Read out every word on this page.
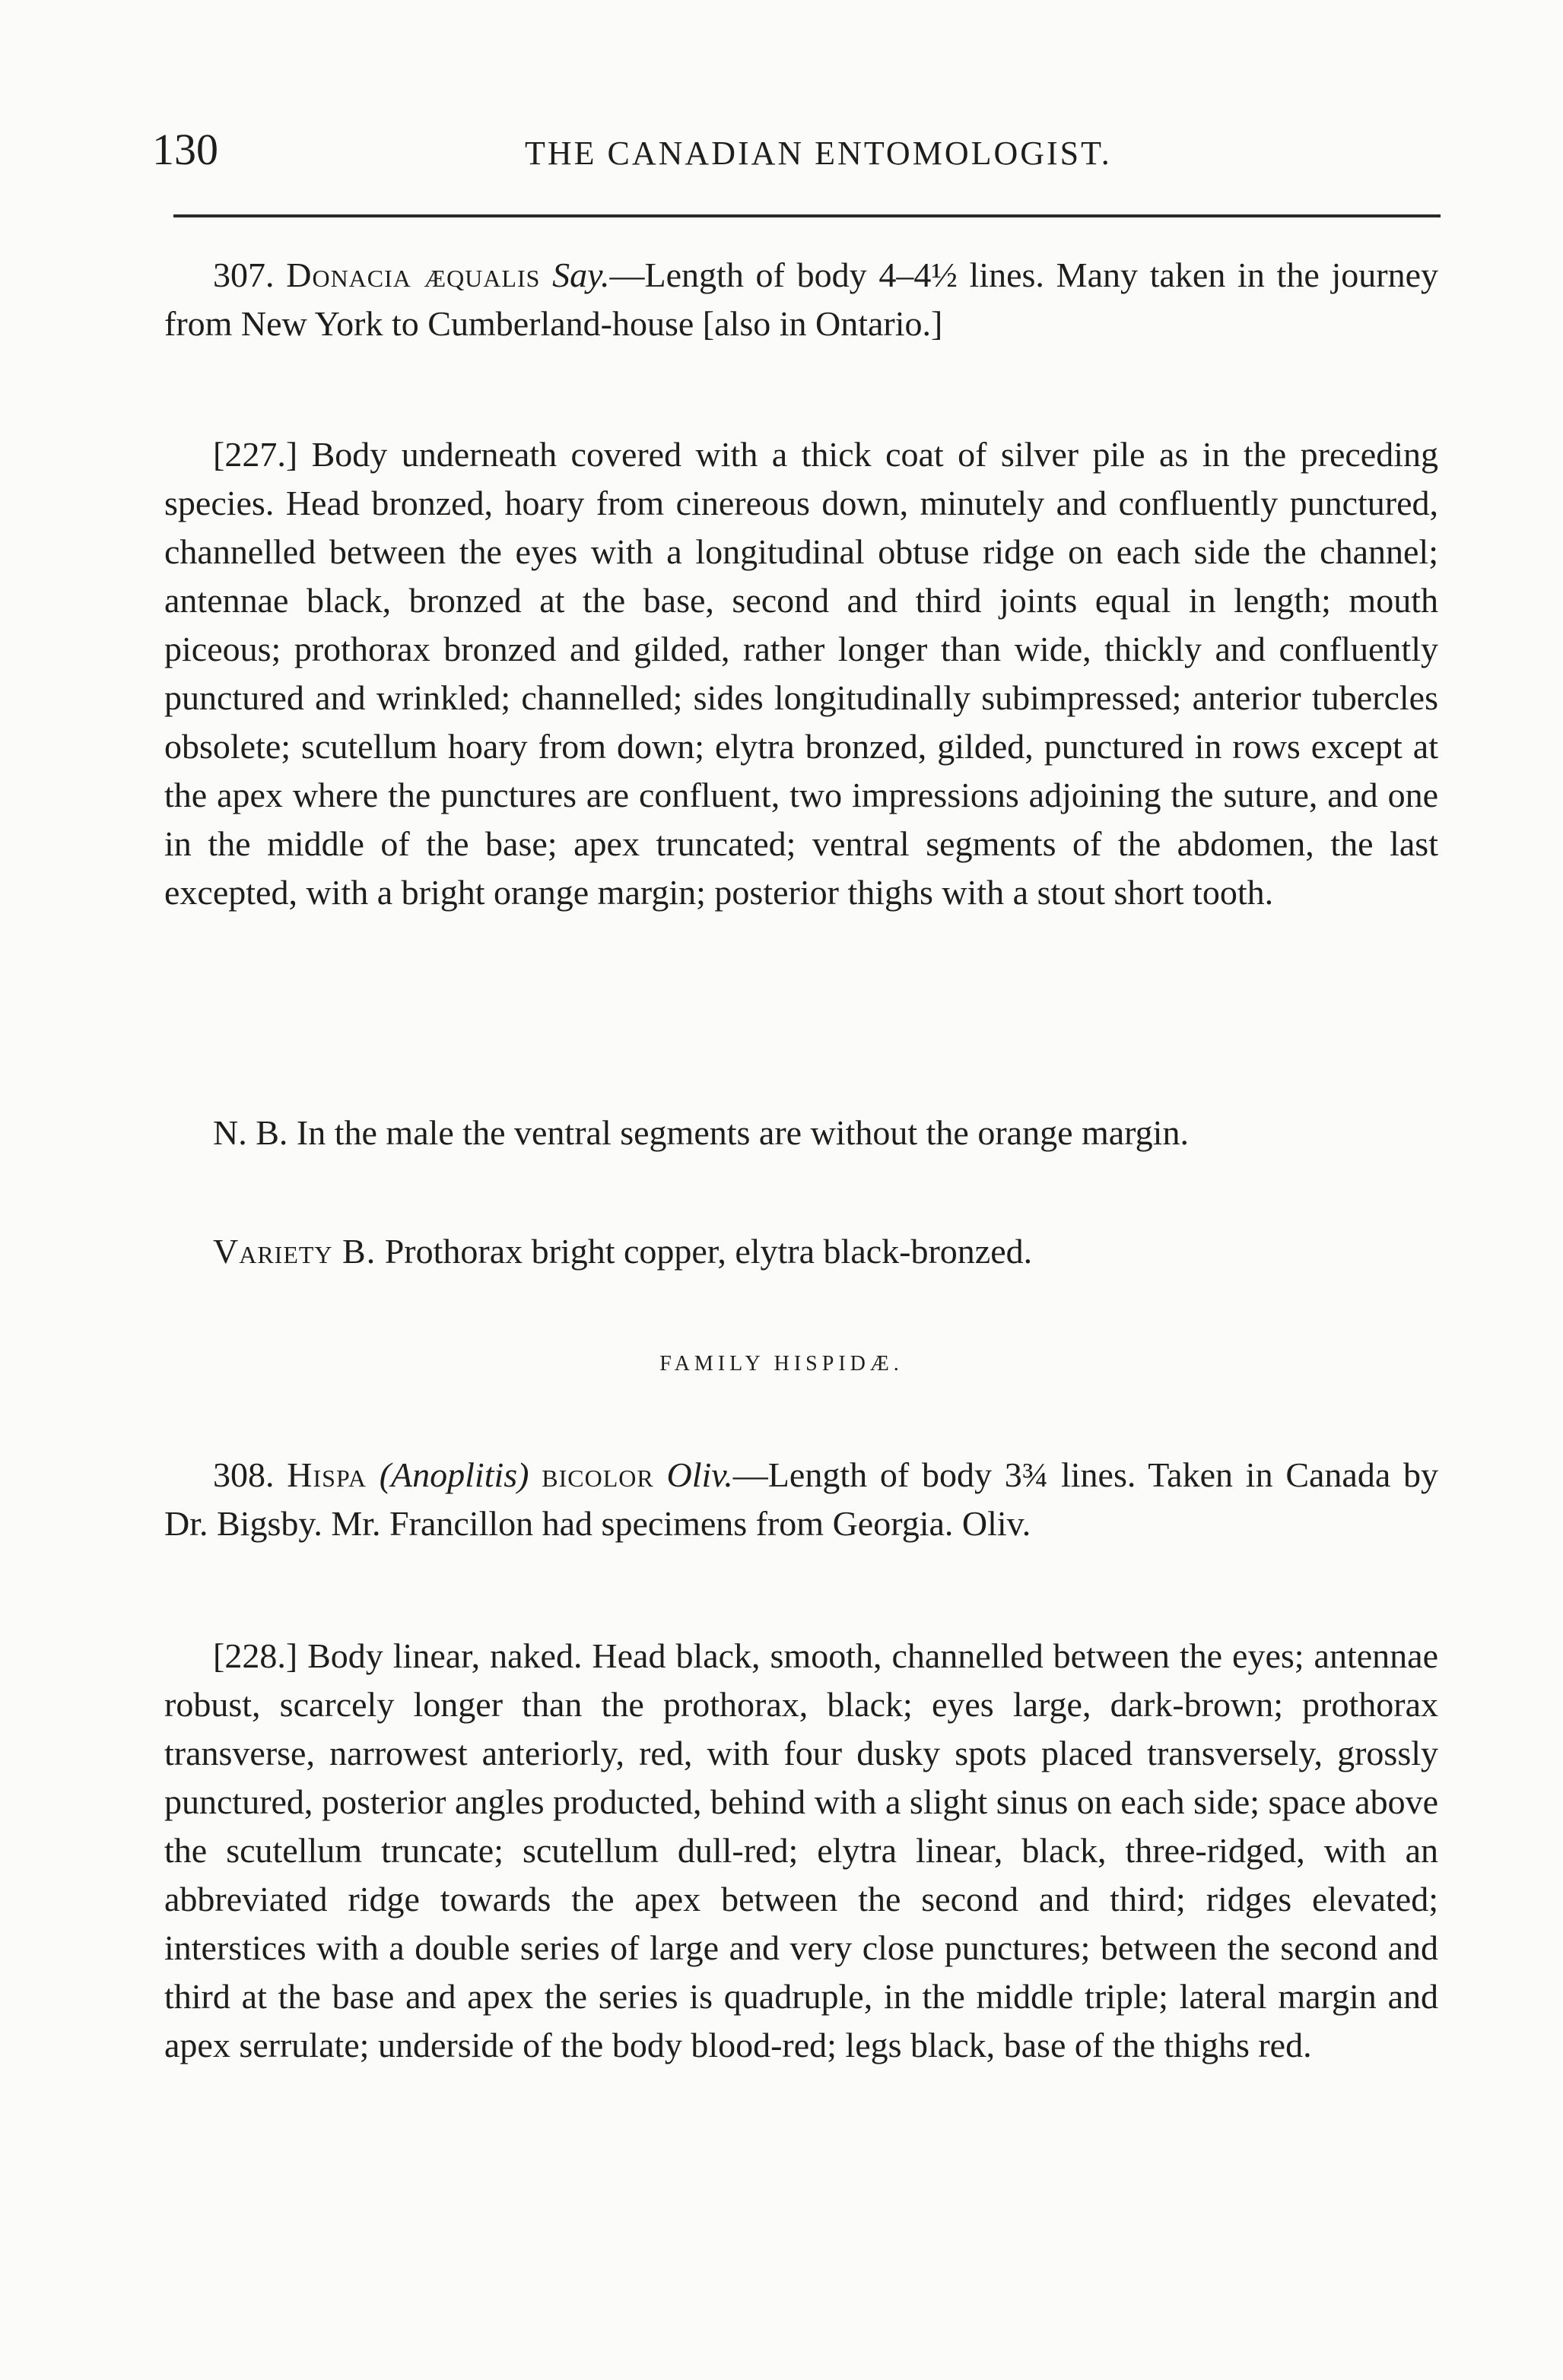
130	THE CANADIAN ENTOMOLOGIST.

307. Donacia æqualis Say.—Length of body 4–4½ lines. Many taken in the journey from New York to Cumberland-house [also in Ontario.]

[227.] Body underneath covered with a thick coat of silver pile as in the preceding species. Head bronzed, hoary from cinereous down, minutely and confluently punctured, channelled between the eyes with a longitudinal obtuse ridge on each side the channel; antennae black, bronzed at the base, second and third joints equal in length; mouth piceous; prothorax bronzed and gilded, rather longer than wide, thickly and confluently punctured and wrinkled; channelled; sides longitudinally subimpressed; anterior tubercles obsolete; scutellum hoary from down; elytra bronzed, gilded, punctured in rows except at the apex where the punctures are confluent, two impressions adjoining the suture, and one in the middle of the base; apex truncated; ventral segments of the abdomen, the last excepted, with a bright orange margin; posterior thighs with a stout short tooth.

N. B. In the male the ventral segments are without the orange margin.

Variety B. Prothorax bright copper, elytra black-bronzed.

FAMILY HISPIDÆ.

308. Hispa (Anoplitis) bicolor Oliv.—Length of body 3¾ lines. Taken in Canada by Dr. Bigsby. Mr. Francillon had specimens from Georgia. Oliv.

[228.] Body linear, naked. Head black, smooth, channelled between the eyes; antennae robust, scarcely longer than the prothorax, black; eyes large, dark-brown; prothorax transverse, narrowest anteriorly, red, with four dusky spots placed transversely, grossly punctured, posterior angles producted, behind with a slight sinus on each side; space above the scutellum truncate; scutellum dull-red; elytra linear, black, three-ridged, with an abbreviated ridge towards the apex between the second and third; ridges elevated; interstices with a double series of large and very close punctures; between the second and third at the base and apex the series is quadruple, in the middle triple; lateral margin and apex serrulate; underside of the body blood-red; legs black, base of the thighs red.
